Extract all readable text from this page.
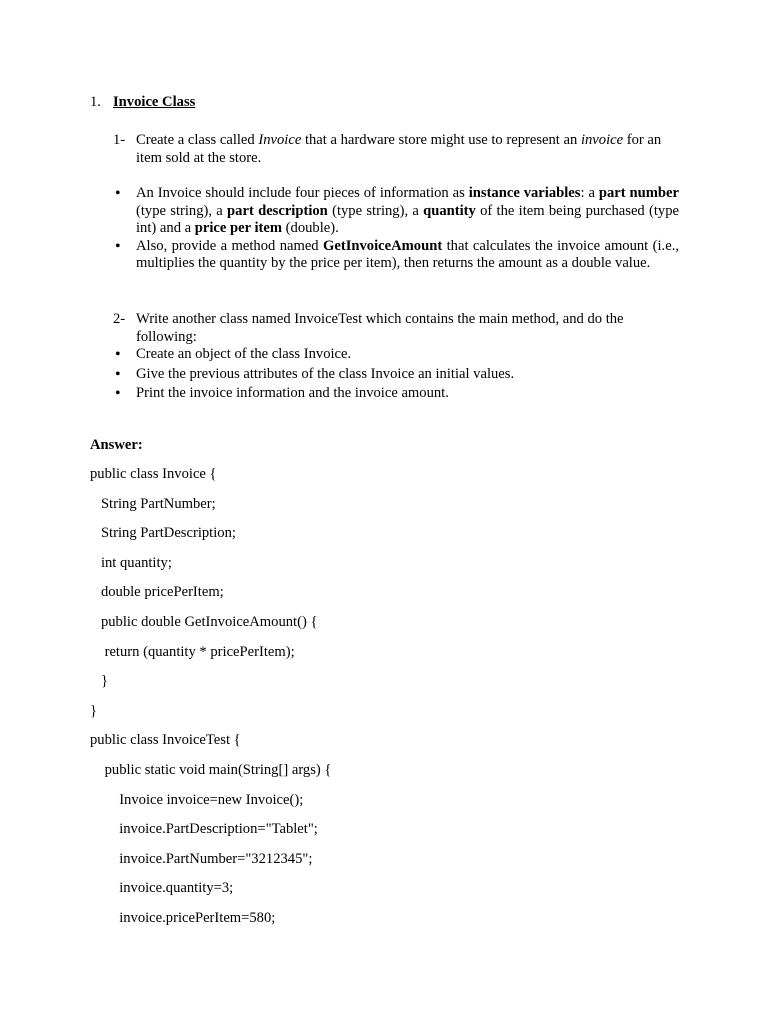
1. Invoice Class
1- Create a class called Invoice that a hardware store might use to represent an invoice for an item sold at the store.
• An Invoice should include four pieces of information as instance variables: a part number (type string), a part description (type string), a quantity of the item being purchased (type int) and a price per item (double).
• Also, provide a method named GetInvoiceAmount that calculates the invoice amount (i.e., multiplies the quantity by the price per item), then returns the amount as a double value.
2- Write another class named InvoiceTest which contains the main method, and do the following:
• Create an object of the class Invoice.
• Give the previous attributes of the class Invoice an initial values.
• Print the invoice information and the invoice amount.
Answer:
public class Invoice {
String PartNumber;
String PartDescription;
int quantity;
double pricePerItem;
public double GetInvoiceAmount() {
return (quantity * pricePerItem);
}
}
public class InvoiceTest {
public static void main(String[] args) {
Invoice invoice=new Invoice();
invoice.PartDescription="Tablet";
invoice.PartNumber="3212345";
invoice.quantity=3;
invoice.pricePerItem=580;
